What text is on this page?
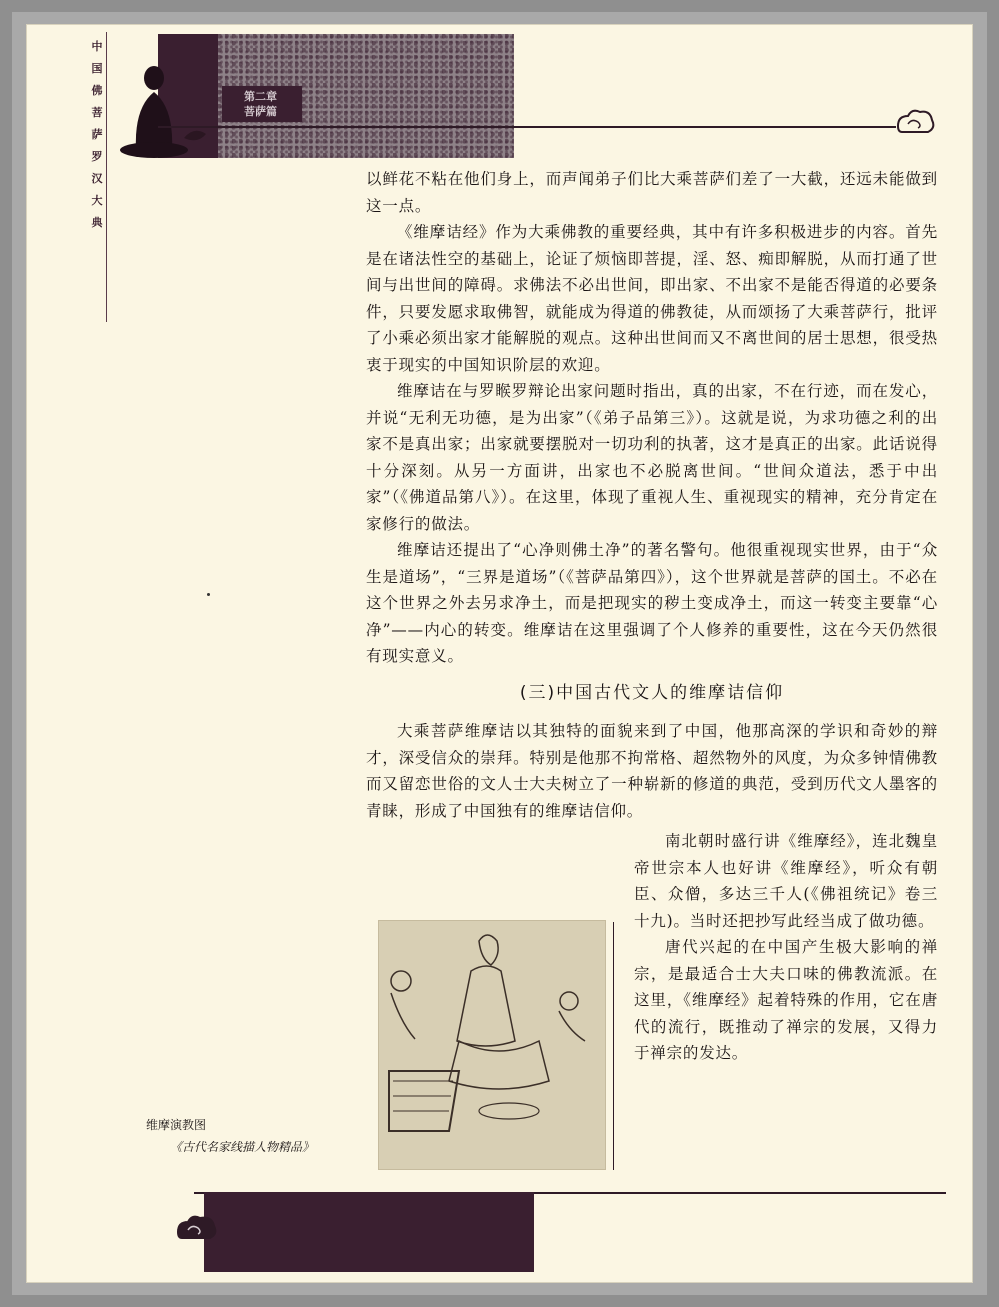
中
国
佛
菩
萨
罗
汉
大
典
第二章
菩萨篇

以鲜花不粘在他们身上，而声闻弟子们比大乘菩萨们差了一大截，还远未能做到这一点。

《维摩诘经》作为大乘佛教的重要经典，其中有许多积极进步的内容。首先是在诸法性空的基础上，论证了烦恼即菩提，淫、怒、痴即解脱，从而打通了世间与出世间的障碍。求佛法不必出世间，即出家、不出家不是能否得道的必要条件，只要发愿求取佛智，就能成为得道的佛教徒，从而颂扬了大乘菩萨行，批评了小乘必须出家才能解脱的观点。这种出世间而又不离世间的居士思想，很受热衷于现实的中国知识阶层的欢迎。

维摩诘在与罗睺罗辩论出家问题时指出，真的出家，不在行迹，而在发心，并说“无利无功德，是为出家”（《弟子品第三》）。这就是说，为求功德之利的出家不是真出家；出家就要摆脱对一切功利的执著，这才是真正的出家。此话说得十分深刻。从另一方面讲，出家也不必脱离世间。“世间众道法，悉于中出家”（《佛道品第八》）。在这里，体现了重视人生、重视现实的精神，充分肯定在家修行的做法。

维摩诘还提出了“心净则佛土净”的著名警句。他很重视现实世界，由于“众生是道场”，“三界是道场”（《菩萨品第四》），这个世界就是菩萨的国土。不必在这个世界之外去另求净土，而是把现实的秽土变成净土，而这一转变主要靠“心净”——内心的转变。维摩诘在这里强调了个人修养的重要性，这在今天仍然很有现实意义。

(三)中国古代文人的维摩诘信仰

大乘菩萨维摩诘以其独特的面貌来到了中国，他那高深的学识和奇妙的辩才，深受信众的崇拜。特别是他那不拘常格、超然物外的风度，为众多钟情佛教而又留恋世俗的文人士大夫树立了一种崭新的修道的典范，受到历代文人墨客的青睐，形成了中国独有的维摩诘信仰。

南北朝时盛行讲《维摩经》，连北魏皇帝世宗本人也好讲《维摩经》，听众有朝臣、众僧，多达三千人(《佛祖统记》卷三十九)。当时还把抄写此经当成了做功德。

唐代兴起的在中国产生极大影响的禅宗，是最适合士大夫口味的佛教流派。在这里，《维摩经》起着特殊的作用，它在唐代的流行，既推动了禅宗的发展，又得力于禅宗的发达。

维摩演教图
《古代名家线描人物精品》
